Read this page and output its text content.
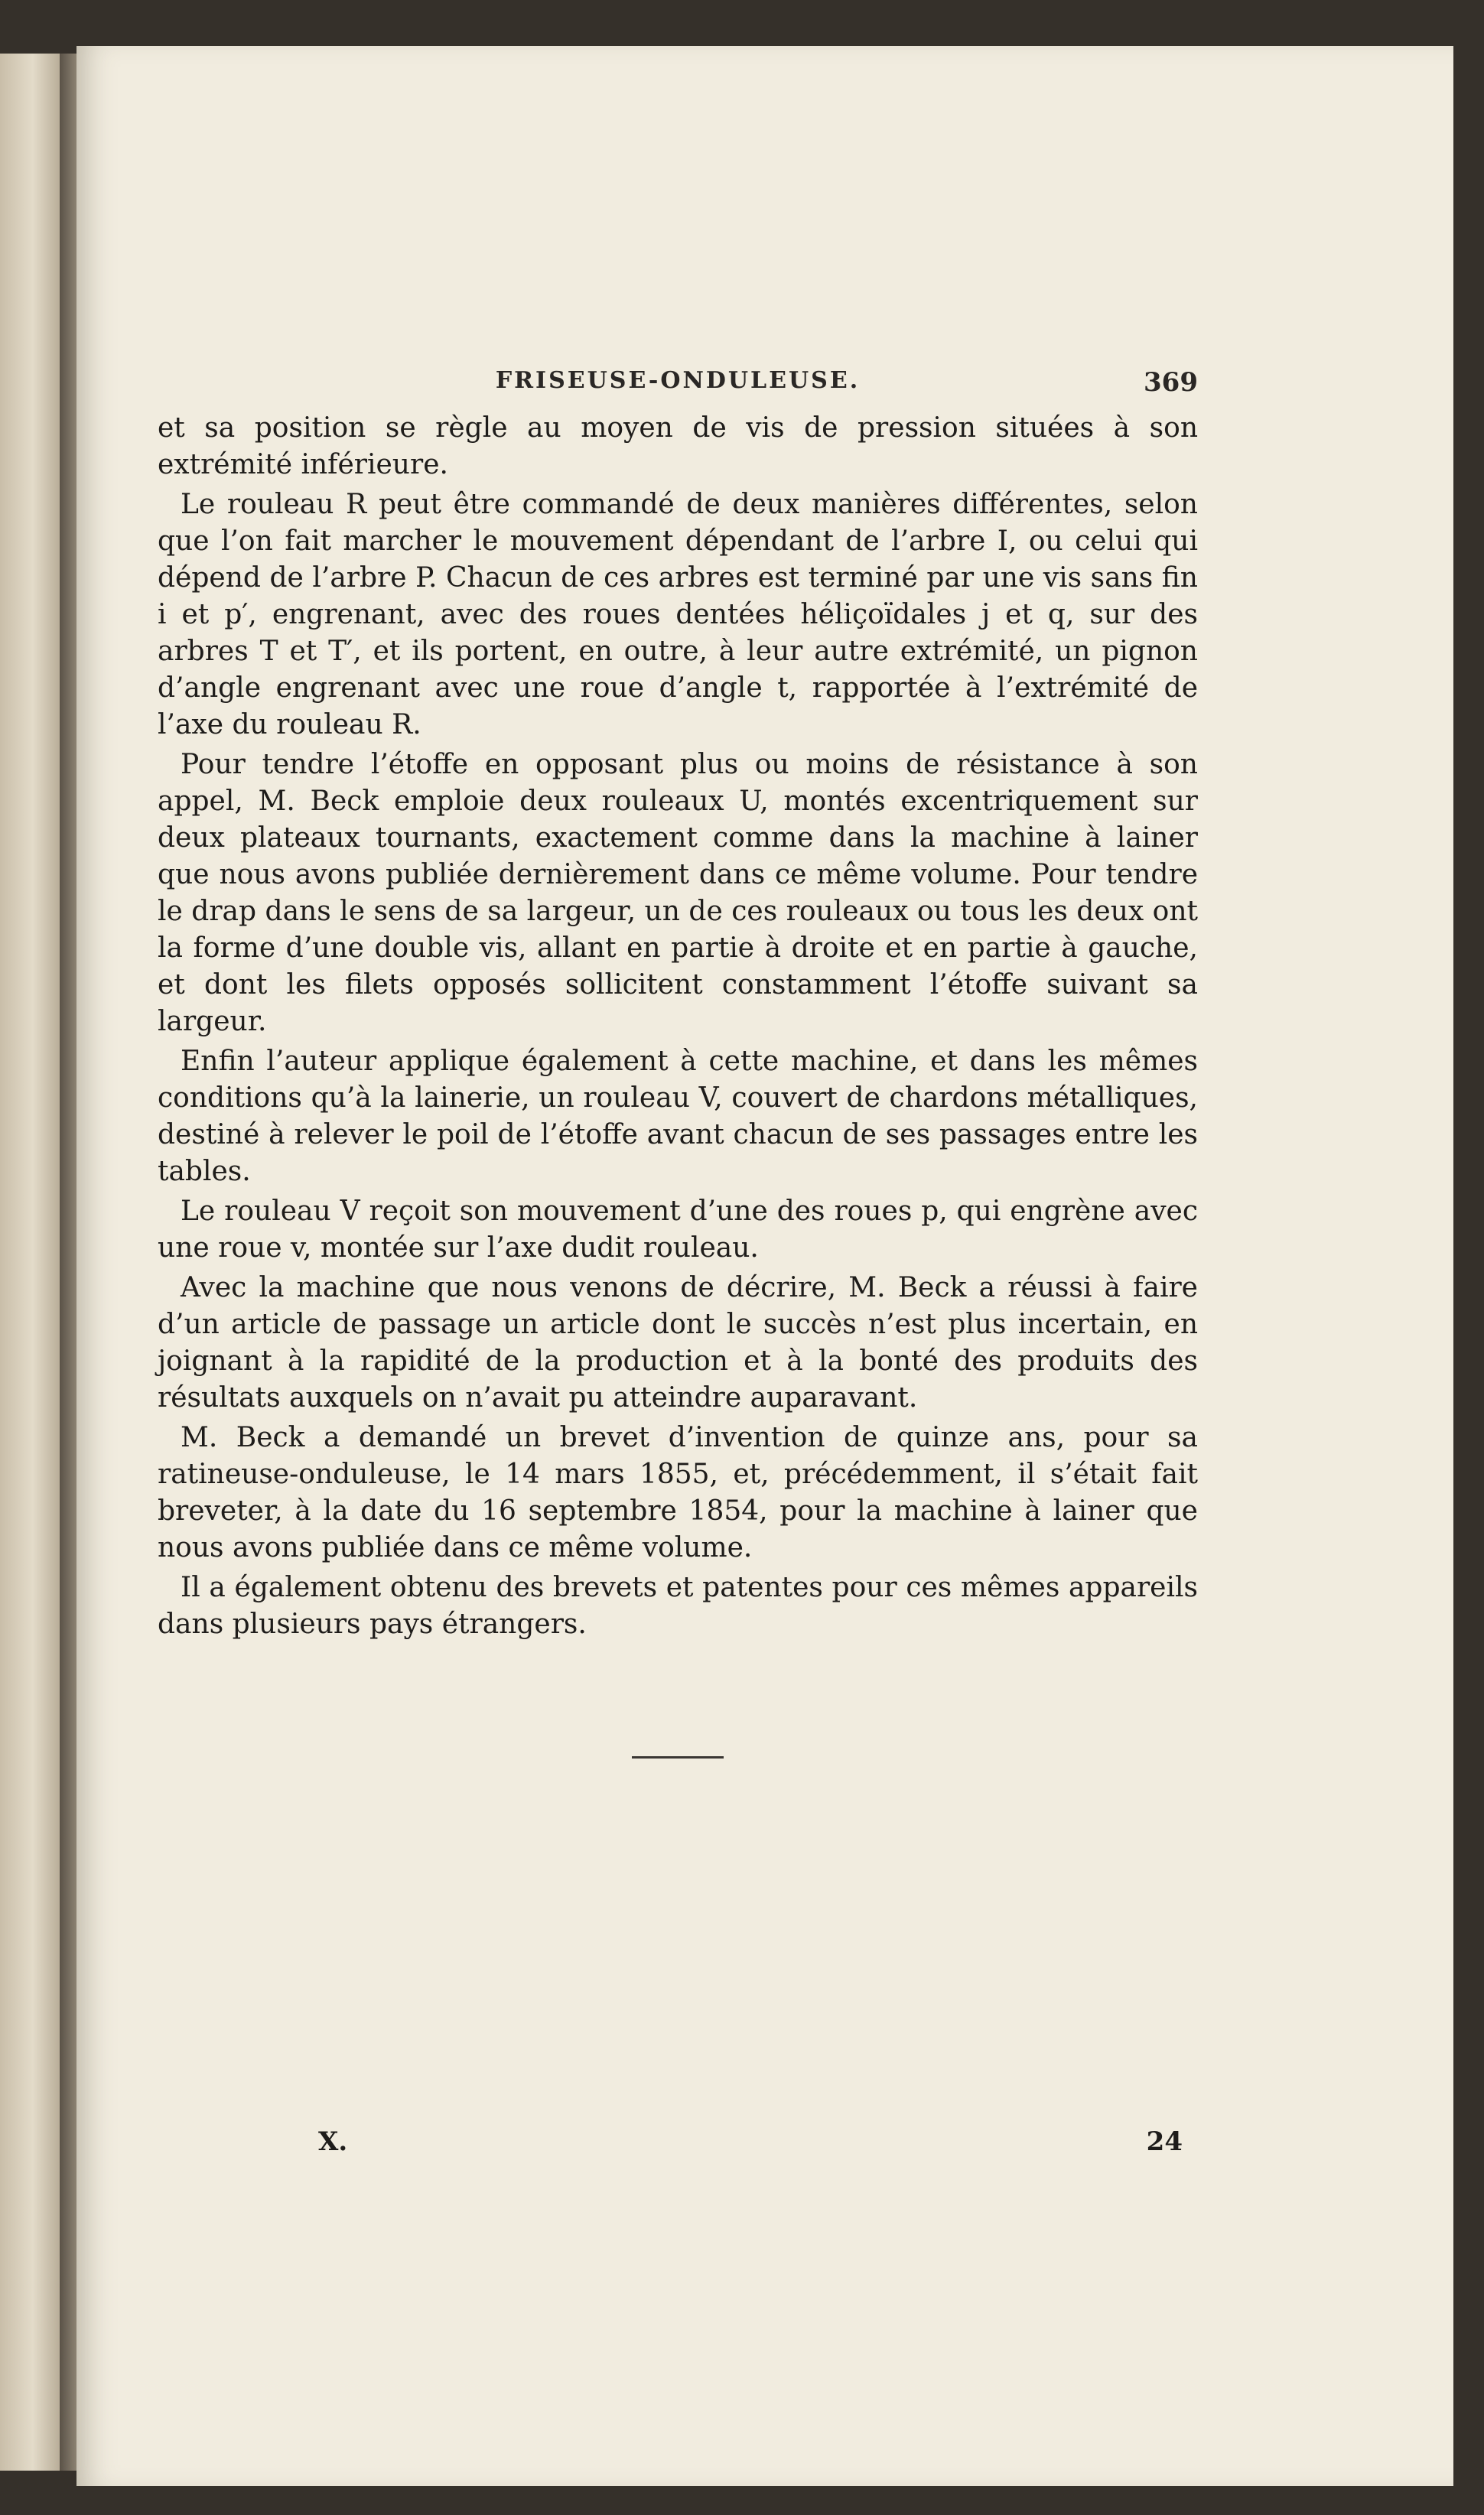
FRISEUSE-ONDULEUSE.	369

et sa position se règle au moyen de vis de pression situées à son extrémité inférieure.

Le rouleau R peut être commandé de deux manières différentes, selon que l’on fait marcher le mouvement dépendant de l’arbre I, ou celui qui dépend de l’arbre P. Chacun de ces arbres est terminé par une vis sans fin i et p′, engrenant, avec des roues dentées héliçoïdales j et q, sur des arbres T et T′, et ils portent, en outre, à leur autre extrémité, un pignon d’angle engrenant avec une roue d’angle t, rapportée à l’extrémité de l’axe du rouleau R.

Pour tendre l’étoffe en opposant plus ou moins de résistance à son appel, M. Beck emploie deux rouleaux U, montés excentriquement sur deux plateaux tournants, exactement comme dans la machine à lainer que nous avons publiée dernièrement dans ce même volume. Pour tendre le drap dans le sens de sa largeur, un de ces rouleaux ou tous les deux ont la forme d’une double vis, allant en partie à droite et en partie à gauche, et dont les filets opposés sollicitent constamment l’étoffe suivant sa largeur.

Enfin l’auteur applique également à cette machine, et dans les mêmes conditions qu’à la lainerie, un rouleau V, couvert de chardons métalliques, destiné à relever le poil de l’étoffe avant chacun de ses passages entre les tables.

Le rouleau V reçoit son mouvement d’une des roues p, qui engrène avec une roue v, montée sur l’axe dudit rouleau.

Avec la machine que nous venons de décrire, M. Beck a réussi à faire d’un article de passage un article dont le succès n’est plus incertain, en joignant à la rapidité de la production et à la bonté des produits des résultats auxquels on n’avait pu atteindre auparavant.

M. Beck a demandé un brevet d’invention de quinze ans, pour sa ratineuse-onduleuse, le 14 mars 1855, et, précédemment, il s’était fait breveter, à la date du 16 septembre 1854, pour la machine à lainer que nous avons publiée dans ce même volume.

Il a également obtenu des brevets et patentes pour ces mêmes appareils dans plusieurs pays étrangers.

X.	24
